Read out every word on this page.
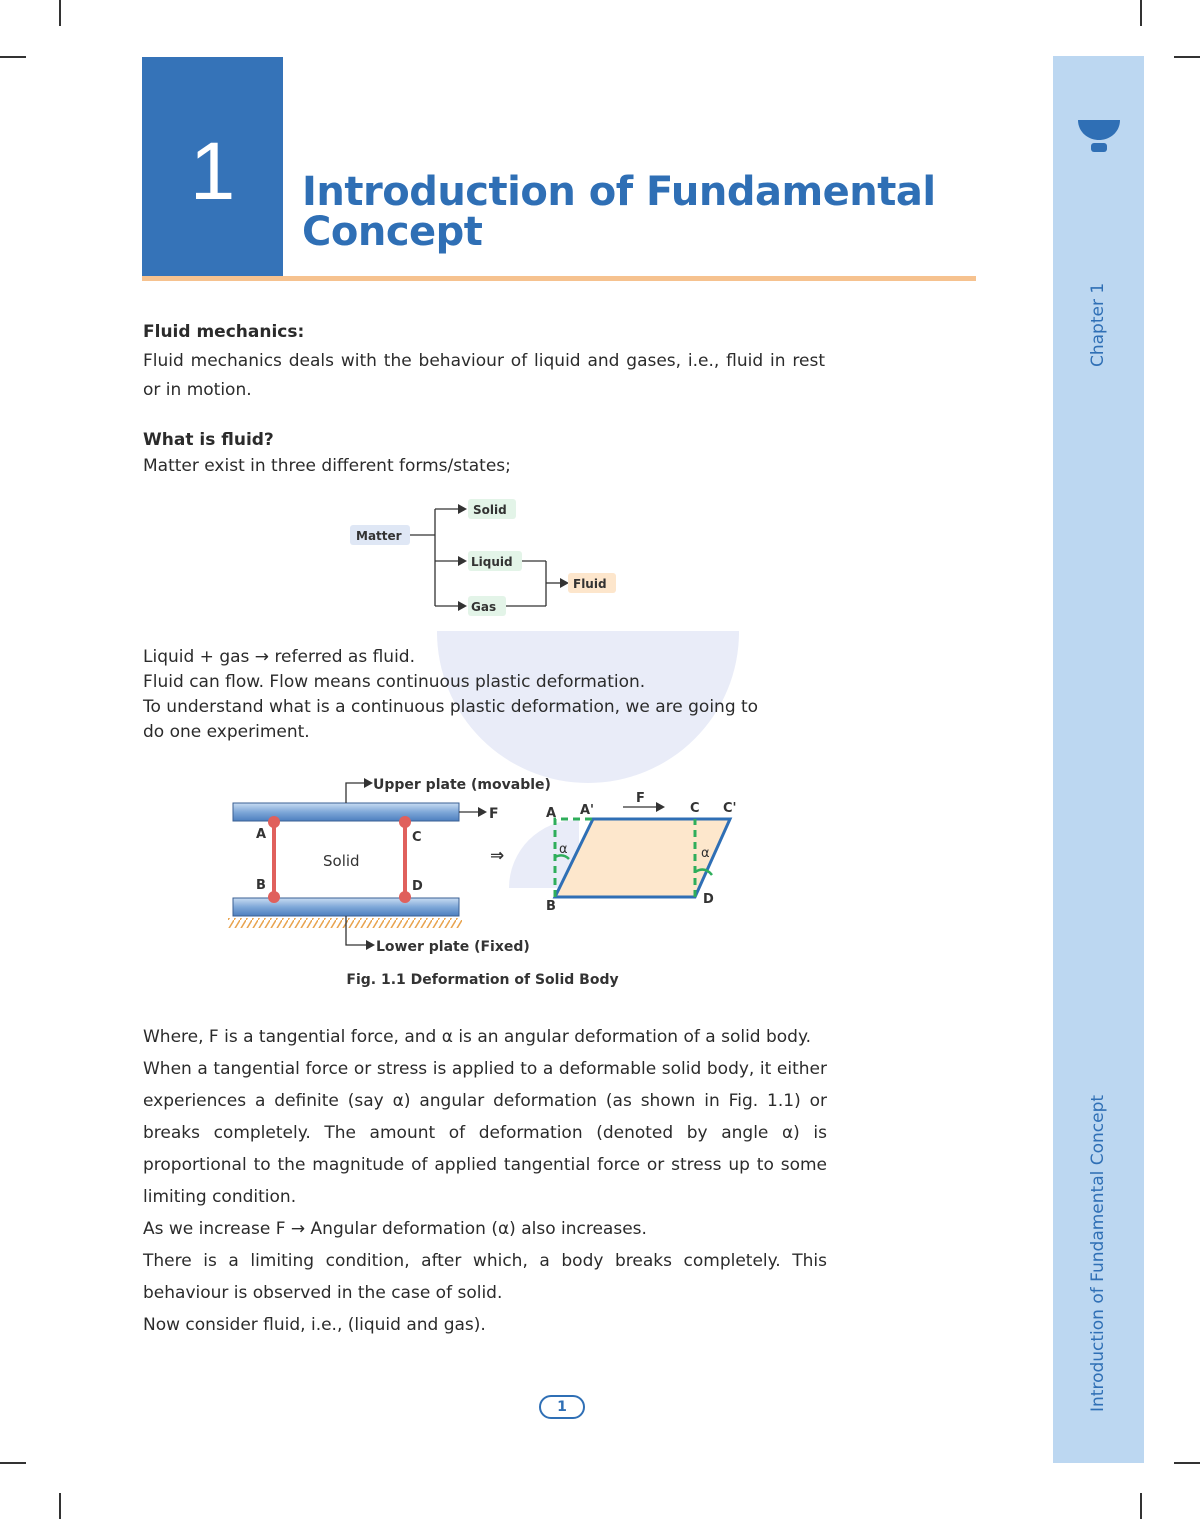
Chapter 1
Introduction of Fundamental Concept
1 Introduction of Fundamental
Concept
Fluid mechanics:
Fluid mechanics deals with the behaviour of liquid and gases, i.e., fluid in rest or in motion.
What is fluid?
Matter exist in three different forms/states;
Matter
Solid
Liquid
Gas
Fluid
Liquid + gas → referred as fluid.
Fluid can flow. Flow means continuous plastic deformation.
To understand what is a continuous plastic deformation, we are going to
do one experiment.
Upper plate (movable)
Lower plate (Fixed)
F
Solid
A
B
C
D
⇒
A A'
F
C C'
B	D
α	α
Fig. 1.1 Deformation of Solid Body
Where, F is a tangential force, and α is an angular deformation of a solid body.
When a tangential force or stress is applied to a deformable solid body, it either experiences a definite (say α) angular deformation (as shown in Fig. 1.1) or breaks completely. The amount of deformation (denoted by angle α) is proportional to the magnitude of applied tangential force or stress up to some limiting condition.
As we increase F → Angular deformation (α) also increases.
There is a limiting condition, after which, a body breaks completely. This behaviour is observed in the case of solid.
Now consider fluid, i.e., (liquid and gas).
1
